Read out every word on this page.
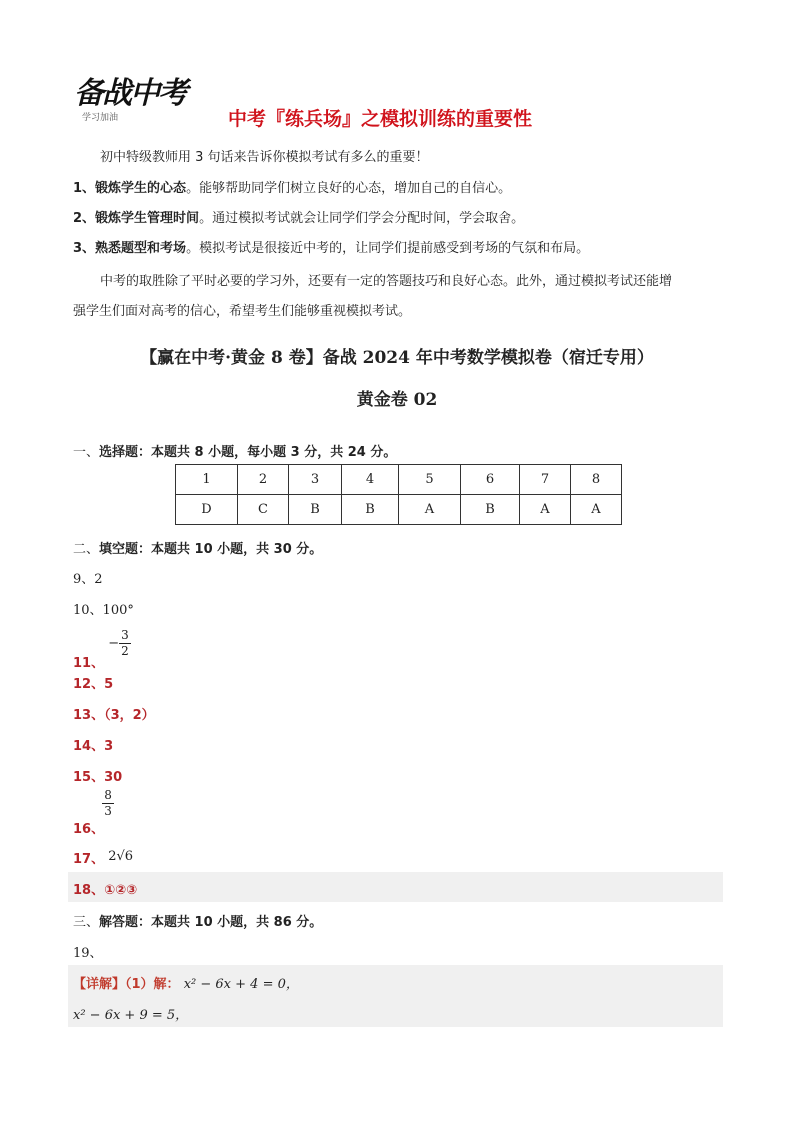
备战中考
学习加油	中考『练兵场』之模拟训练的重要性
初中特级教师用 3 句话来告诉你模拟考试有多么的重要！
1、锻炼学生的心态。能够帮助同学们树立良好的心态，增加自己的自信心。
2、锻炼学生管理时间。通过模拟考试就会让同学们学会分配时间，学会取舍。
3、熟悉题型和考场。模拟考试是很接近中考的，让同学们提前感受到考场的气氛和布局。
中考的取胜除了平时必要的学习外，还要有一定的答题技巧和良好心态。此外，通过模拟考试还能增
强学生们面对高考的信心，希望考生们能够重视模拟考试。
【赢在中考·黄金 8 卷】备战 2024 年中考数学模拟卷（宿迁专用）
黄金卷 02
一、选择题：本题共 8 小题，每小题 3 分，共 24 分。
1	2	3	4	5	6	7	8
D	C	B	B	A	B	A	A
二、填空题：本题共 10 小题，共 30 分。
9、2
10、100°
11、 − $\frac{3}{2}$
12、5
13、（3，2）
14、3
15、30
16、
$\frac{8}{3}$
17、 2√6
18、①②③
三、解答题：本题共 10 小题，共 86 分。
19、
【详解】（1）解： x² − 6x + 4 = 0，
x² − 6x + 9 = 5，
